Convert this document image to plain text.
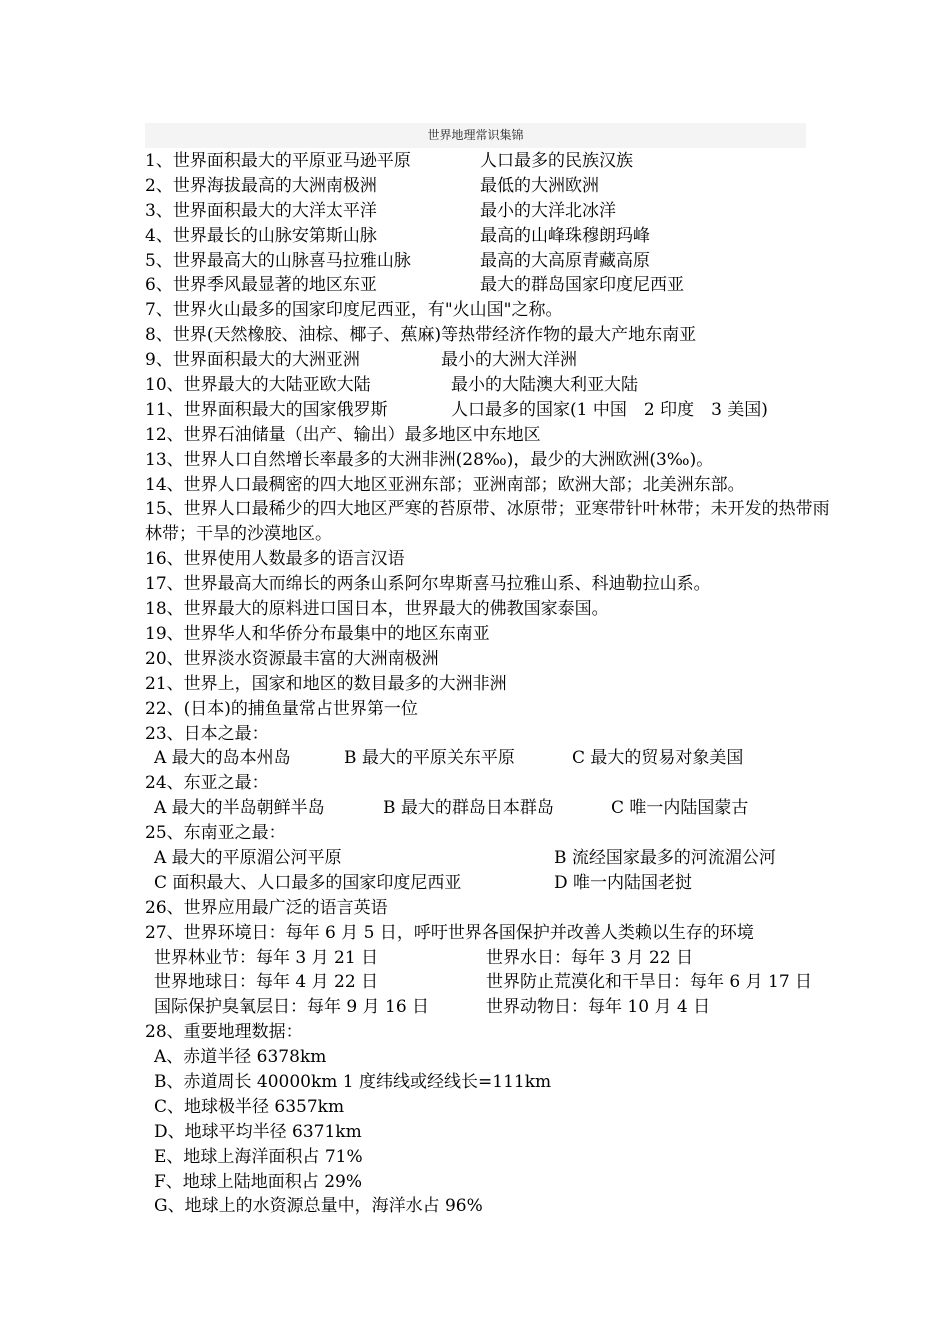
世界地理常识集锦
1、世界面积最大的平原亚马逊平原	人口最多的民族汉族
2、世界海拔最高的大洲南极洲	最低的大洲欧洲
3、世界面积最大的大洋太平洋	最小的大洋北冰洋
4、世界最长的山脉安第斯山脉	最高的山峰珠穆朗玛峰
5、世界最高大的山脉喜马拉雅山脉	最高的大高原青藏高原
6、世界季风最显著的地区东亚	最大的群岛国家印度尼西亚
7、世界火山最多的国家印度尼西亚，有"火山国"之称。
8、世界(天然橡胶、油棕、椰子、蕉麻)等热带经济作物的最大产地东南亚
9、世界面积最大的大洲亚洲	最小的大洲大洋洲
10、世界最大的大陆亚欧大陆	最小的大陆澳大利亚大陆
11、世界面积最大的国家俄罗斯	人口最多的国家(1 中国　2 印度　3 美国)
12、世界石油储量（出产、输出）最多地区中东地区
13、世界人口自然增长率最多的大洲非洲(28‰)，最少的大洲欧洲(3‰)。
14、世界人口最稠密的四大地区亚洲东部；亚洲南部；欧洲大部；北美洲东部。
15、世界人口最稀少的四大地区严寒的苔原带、冰原带；亚寒带针叶林带；未开发的热带雨林带；干旱的沙漠地区。
16、世界使用人数最多的语言汉语
17、世界最高大而绵长的两条山系阿尔卑斯喜马拉雅山系、科迪勒拉山系。
18、世界最大的原料进口国日本，世界最大的佛教国家泰国。
19、世界华人和华侨分布最集中的地区东南亚
20、世界淡水资源最丰富的大洲南极洲
21、世界上，国家和地区的数目最多的大洲非洲
22、(日本)的捕鱼量常占世界第一位
23、日本之最：
A 最大的岛本州岛	B 最大的平原关东平原	C 最大的贸易对象美国
24、东亚之最：
A 最大的半岛朝鲜半岛	B 最大的群岛日本群岛	C 唯一内陆国蒙古
25、东南亚之最：
A 最大的平原湄公河平原	B 流经国家最多的河流湄公河
C 面积最大、人口最多的国家印度尼西亚	D 唯一内陆国老挝
26、世界应用最广泛的语言英语
27、世界环境日：每年 6 月 5 日，呼吁世界各国保护并改善人类赖以生存的环境
世界林业节：每年 3 月 21 日	世界水日：每年 3 月 22 日
世界地球日：每年 4 月 22 日	世界防止荒漠化和干旱日：每年 6 月 17 日
国际保护臭氧层日：每年 9 月 16 日	世界动物日：每年 10 月 4 日
28、重要地理数据：
A、赤道半径 6378km
B、赤道周长 40000km 1 度纬线或经线长=111km
C、地球极半径 6357km
D、地球平均半径 6371km
E、地球上海洋面积占 71%
F、地球上陆地面积占 29%
G、地球上的水资源总量中，海洋水占 96%
